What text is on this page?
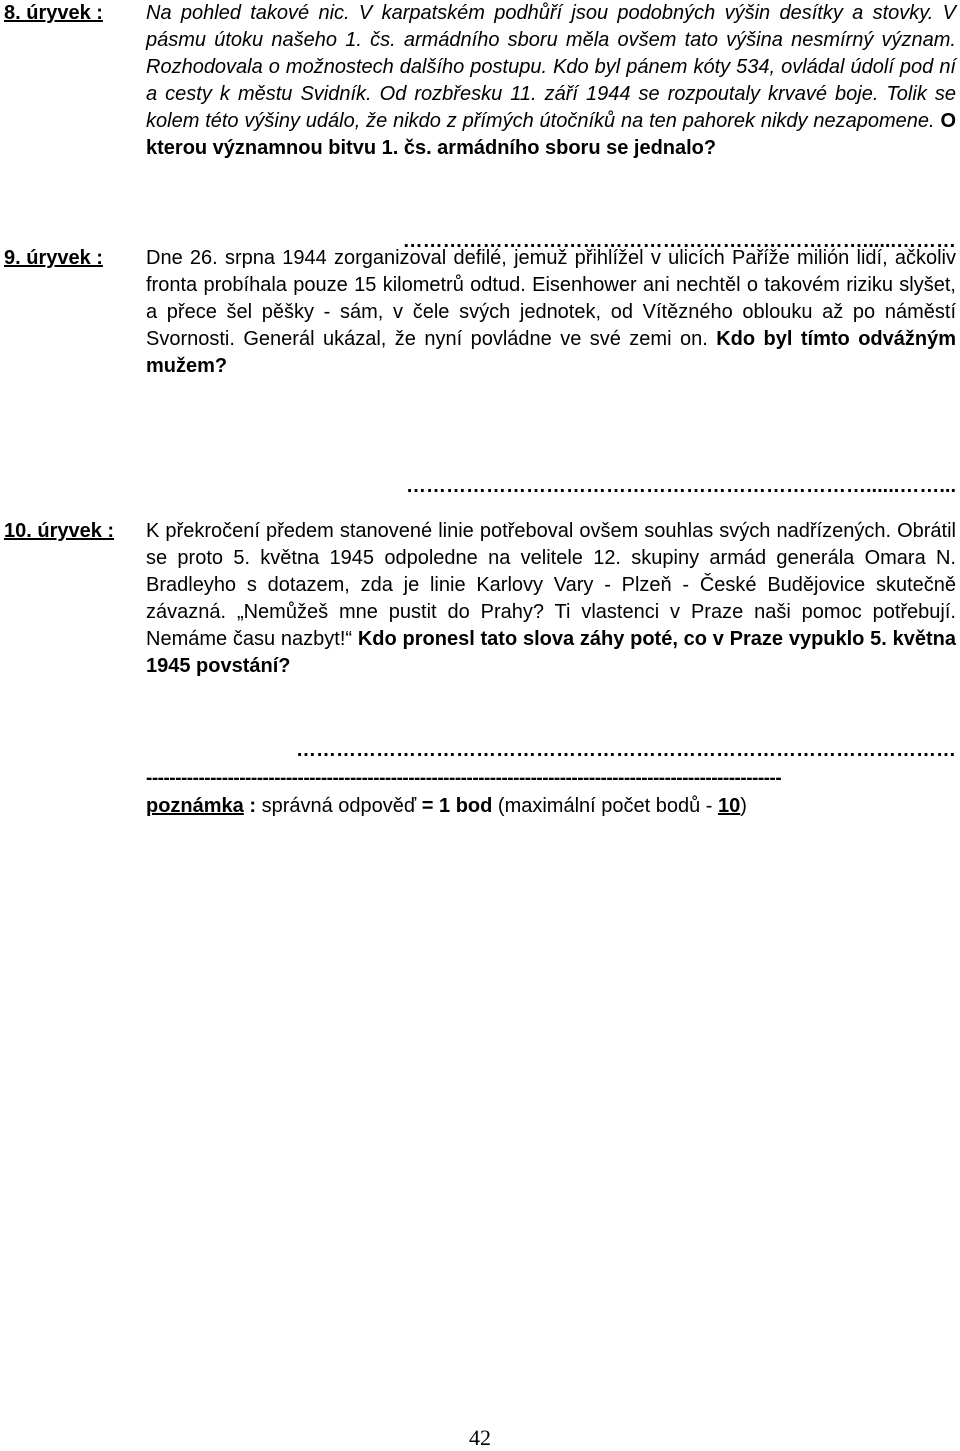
8. úryvek : Na pohled takové nic. V karpatském podhůří jsou podobných výšin desítky a stovky. V pásmu útoku našeho 1. čs. armádního sboru měla ovšem tato výšina nesmírný význam. Rozhodovala o možnostech dalšího postupu. Kdo byl pánem kóty 534, ovládal údolí pod ní a cesty k městu Svidník. Od rozbřesku 11. září 1944 se rozpoutaly krvavé boje. Tolik se kolem této výšiny událo, že nikdo z přímých útočníků na ten pahorek nikdy nezapomene. O kterou významnou bitvu 1. čs. armádního sboru se jednalo?
……………………………………………………………......………
9. úryvek : Dne 26. srpna 1944 zorganizoval defilé, jemuž přihlížel v ulicích Paříže milión lidí, ačkoliv fronta probíhala pouze 15 kilometrů odtud. Eisenhower ani nechtěl o takovém riziku slyšet, a přece šel pěšky - sám, v čele svých jednotek, od Vítězného oblouku až po náměstí Svornosti. Generál ukázal, že nyní povládne ve své zemi on. Kdo byl tímto odvážným mužem?
……………………………………………………………......……...
10. úryvek : K překročení předem stanovené linie potřeboval ovšem souhlas svých nadřízených. Obrátil se proto 5. května 1945 odpoledne na velitele 12. skupiny armád generála Omara N. Bradleyho s dotazem, zda je linie Karlovy Vary - Plzeň - České Budějovice skutečně závazná. „Nemůžeš mne pustit do Prahy? Ti vlastenci v Praze naši pomoc potřebují. Nemáme času nazbyt!“ Kdo pronesl tato slova záhy poté, co v Praze vypuklo 5. května 1945 povstání?
………………………………………………………………………………………
-------------------------------------------------------------------------------------------------------------
poznámka : správná odpověď = 1 bod (maximální počet bodů - 10)
42
